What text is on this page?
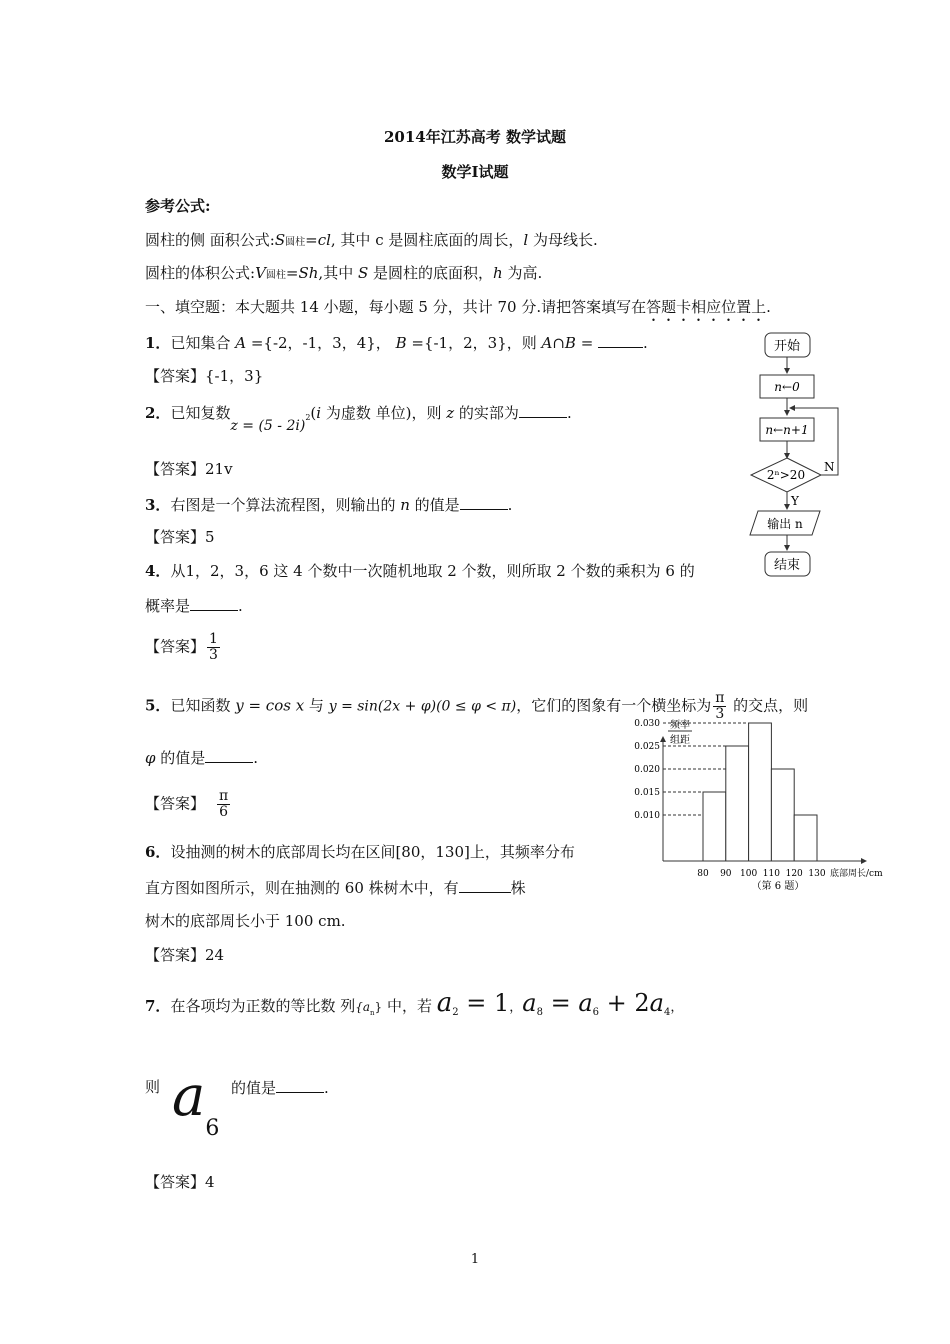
2014年江苏高考 数学试题
数学Ⅰ试题
参考公式:
圆柱的侧 面积公式:S圆柱=cl, 其中 c 是圆柱底面的周长，l 为母线长.
圆柱的体积公式:V圆柱=Sh,其中 S 是圆柱的底面积，h 为高.
一、填空题：本大题共 14 小题，每小题 5 分，共计 70 分.请把答案填写在答题卡相应位置上.
1．已知集合 A ={-2，-1，3，4}， B ={-1，2，3}，则 A∩B =	.
【答案】{-1，3}
2．已知复数z = (5 - 2i)$^2$(i 为虚数 单位)，则 z 的实部为	.
【答案】21v
3．右图是一个算法流程图，则输出的 n 的值是	.
【答案】5
4．从1，2，3，6 这 4 个数中一次随机地取 2 个数，则所取 2 个数的乘积为 6 的
概率是	.
【答案】 $\frac{1}{3}$
5．已知函数 y = cos x 与 y = sin(2x + φ)(0 ≤ φ < π)，它们的图象有一个横坐标为 $\frac{\pi}{3}$ 的交点，则
φ 的值是	.
【答案】 $\frac{\pi}{6}$
6．设抽测的树木的底部周长均在区间[80，130]上，其频率分布
直方图如图所示，则在抽测的 60 株树木中，有	株
树木的底部周长小于 100 cm.
【答案】24
7．在各项均为正数的等比数 列$\{a_n\}$ 中，若 $a_2 = 1$，$a_8 = a_6 + 2a_4$，
则 a6
的值是	.
【答案】4
开始
n←0
n←n+1
2ⁿ>20
N
Y
输出 n
结束
频率
组距
底部周长/cm
（第 6 题）
0.010
0.015
0.020
0.025
0.030
80 90 100 110 120 130
1
